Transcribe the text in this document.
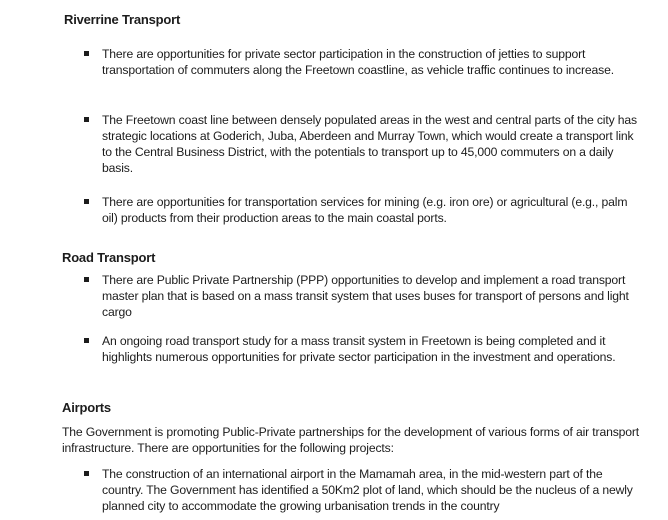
Riverrine Transport
There are opportunities for private sector participation in the construction of jetties to support transportation of commuters along the Freetown coastline, as vehicle traffic continues to increase.
The Freetown coast line between densely populated areas in the west and central parts of the city has strategic locations at Goderich, Juba, Aberdeen and Murray Town, which would create a transport link to the Central Business District, with the potentials to transport up to 45,000 commuters on a daily basis.
There are opportunities for transportation services for mining (e.g. iron ore) or agricultural (e.g., palm oil) products from their production areas to the main coastal ports.
Road Transport
There are Public Private Partnership (PPP) opportunities to develop and implement a road transport master plan that is based on a mass transit system that uses buses for transport of persons and light cargo
An ongoing road transport study for a mass transit system in Freetown is being completed and it highlights numerous opportunities for private sector participation in the investment and operations.
Airports
The Government is promoting Public-Private partnerships for the development of various forms of air transport infrastructure. There are opportunities for the following projects:
The construction of an international airport in the Mamamah area, in the mid-western part of the country. The Government has identified a 50Km2 plot of land, which should be the nucleus of a newly planned city to accommodate the growing urbanisation trends in the country
